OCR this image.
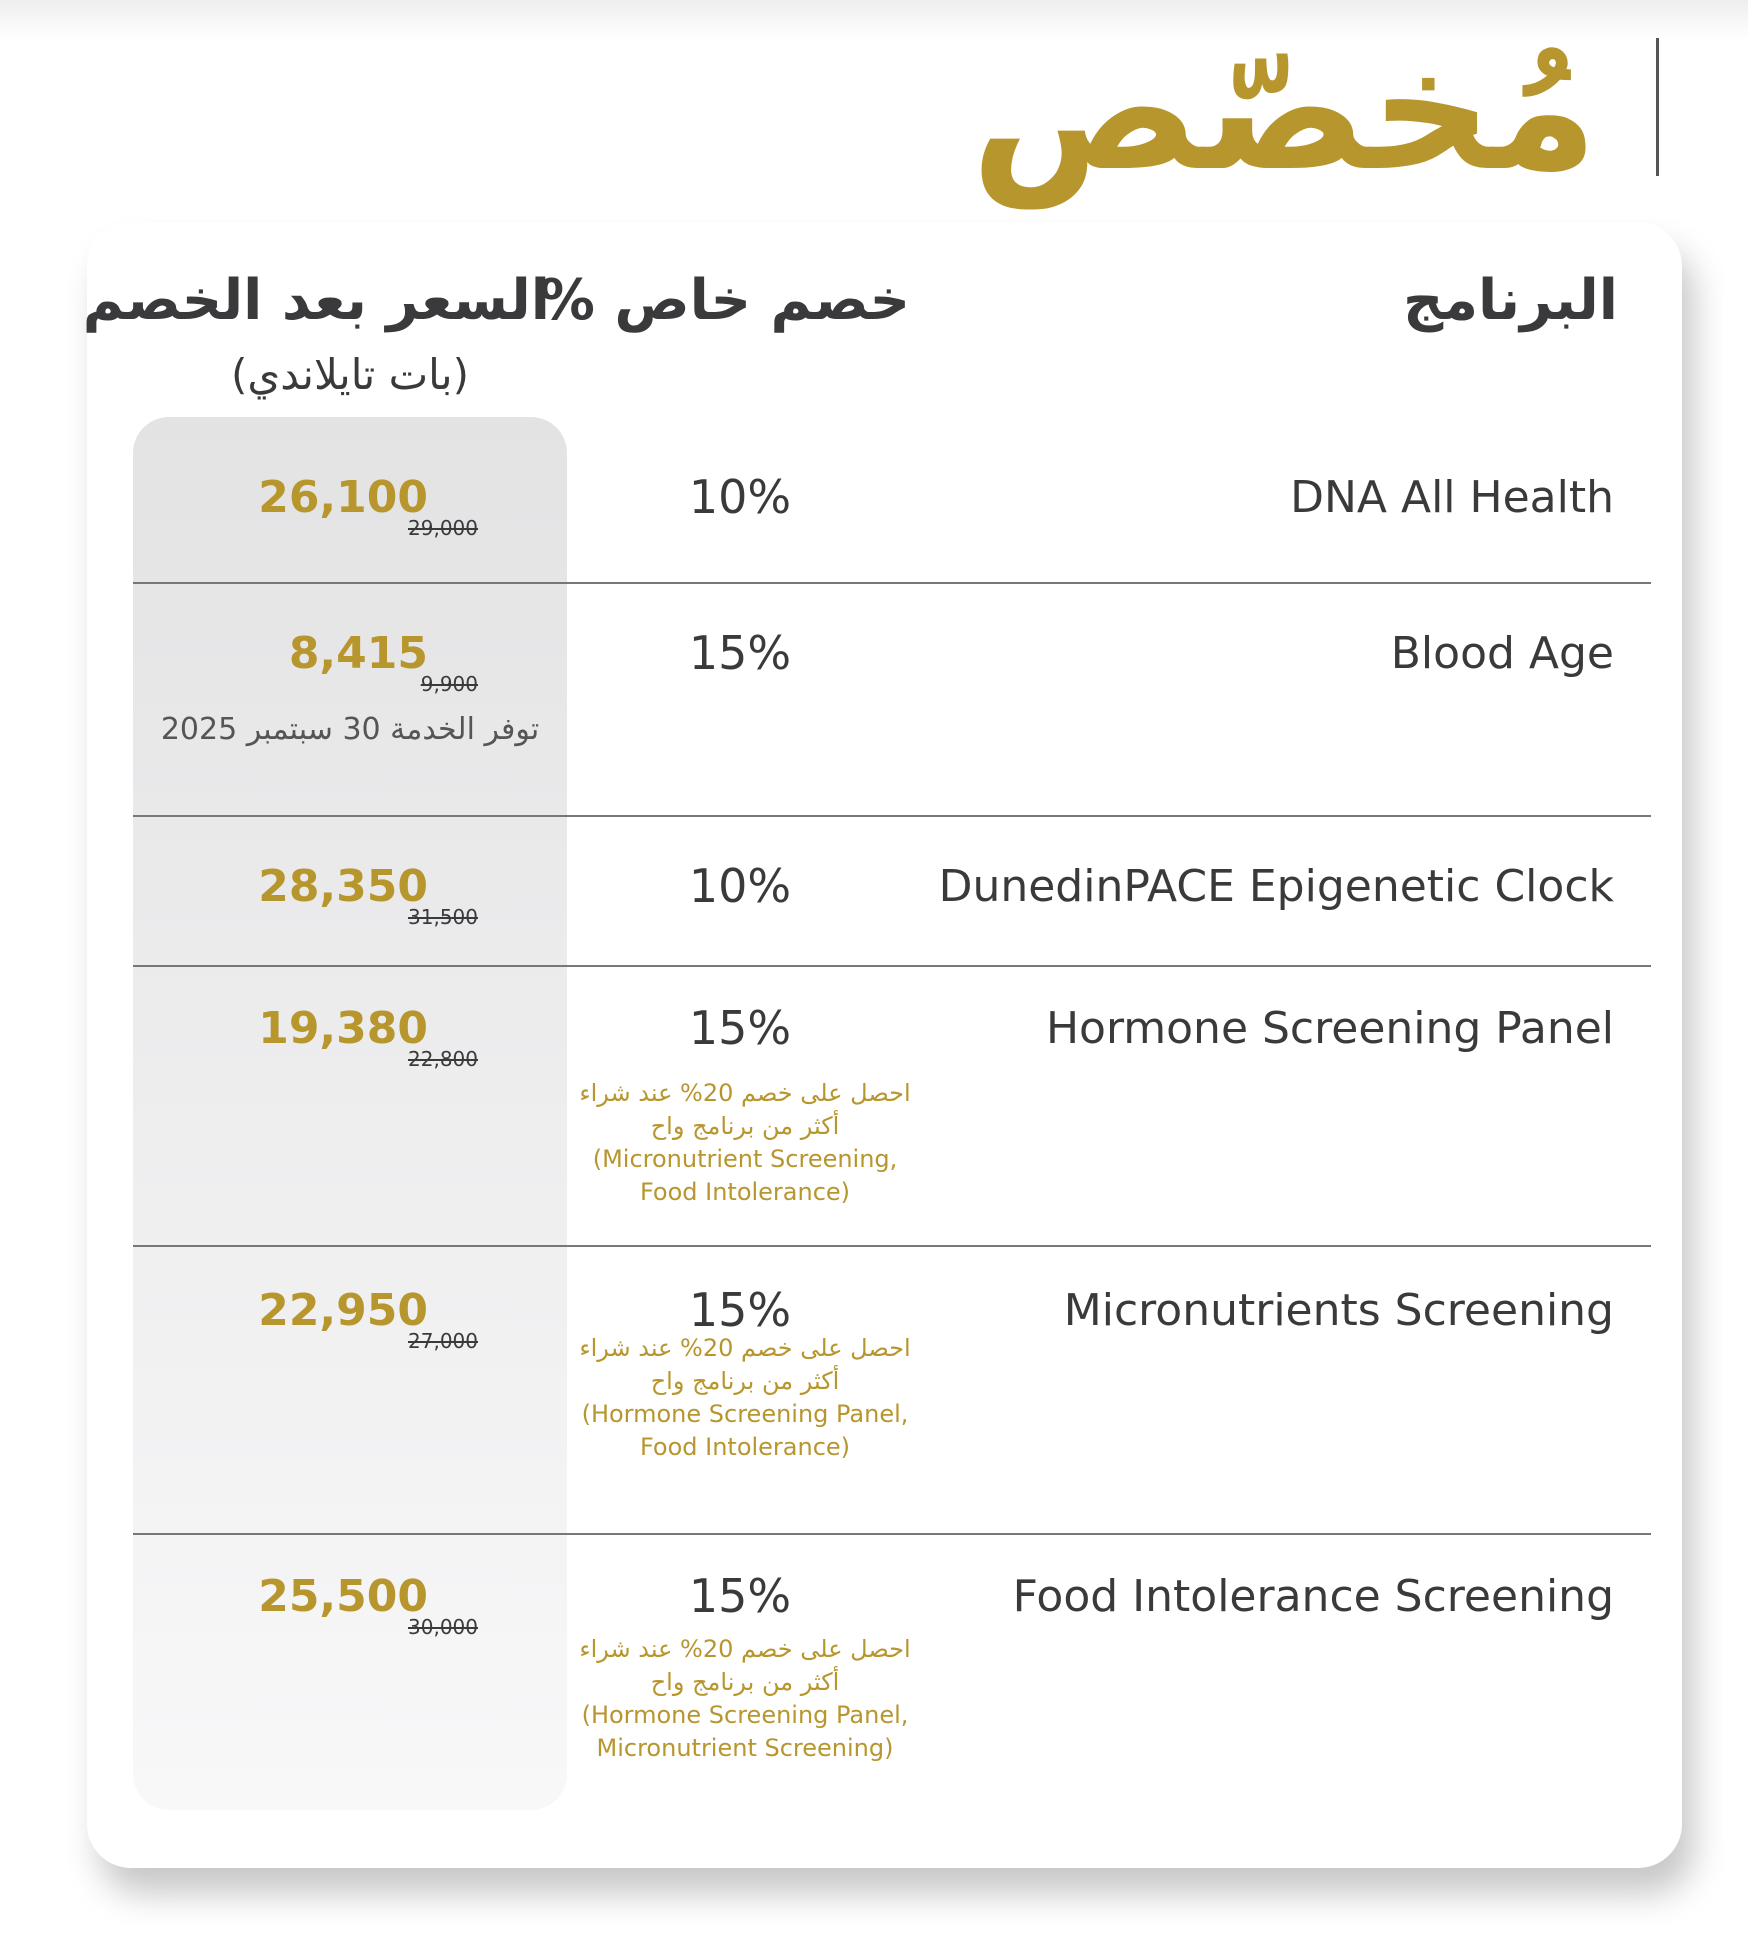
مُخصّص
البرنامج
خصم خاص %
السعر بعد الخصم
(بات تايلاندي)
DNA All Health
10%
26,100
29,000
Blood Age
15%
8,415
9,900
توفر الخدمة 30 سبتمبر 2025
DunedinPACE Epigenetic Clock
10%
28,350
31,500
Hormone Screening Panel
15%
19,380
22,800
احصل على خصم 20% عند شراء
أكثر من برنامج واح
(Micronutrient Screening,
Food Intolerance)
Micronutrients Screening
15%
22,950
27,000	احصل على خصم 20% عند شراء
أكثر من برنامج واح
(Hormone Screening Panel,
Food Intolerance)
Food Intolerance Screening
15%
25,500
30,000
احصل على خصم 20% عند شراء
أكثر من برنامج واح
(Hormone Screening Panel,
Micronutrient Screening)
